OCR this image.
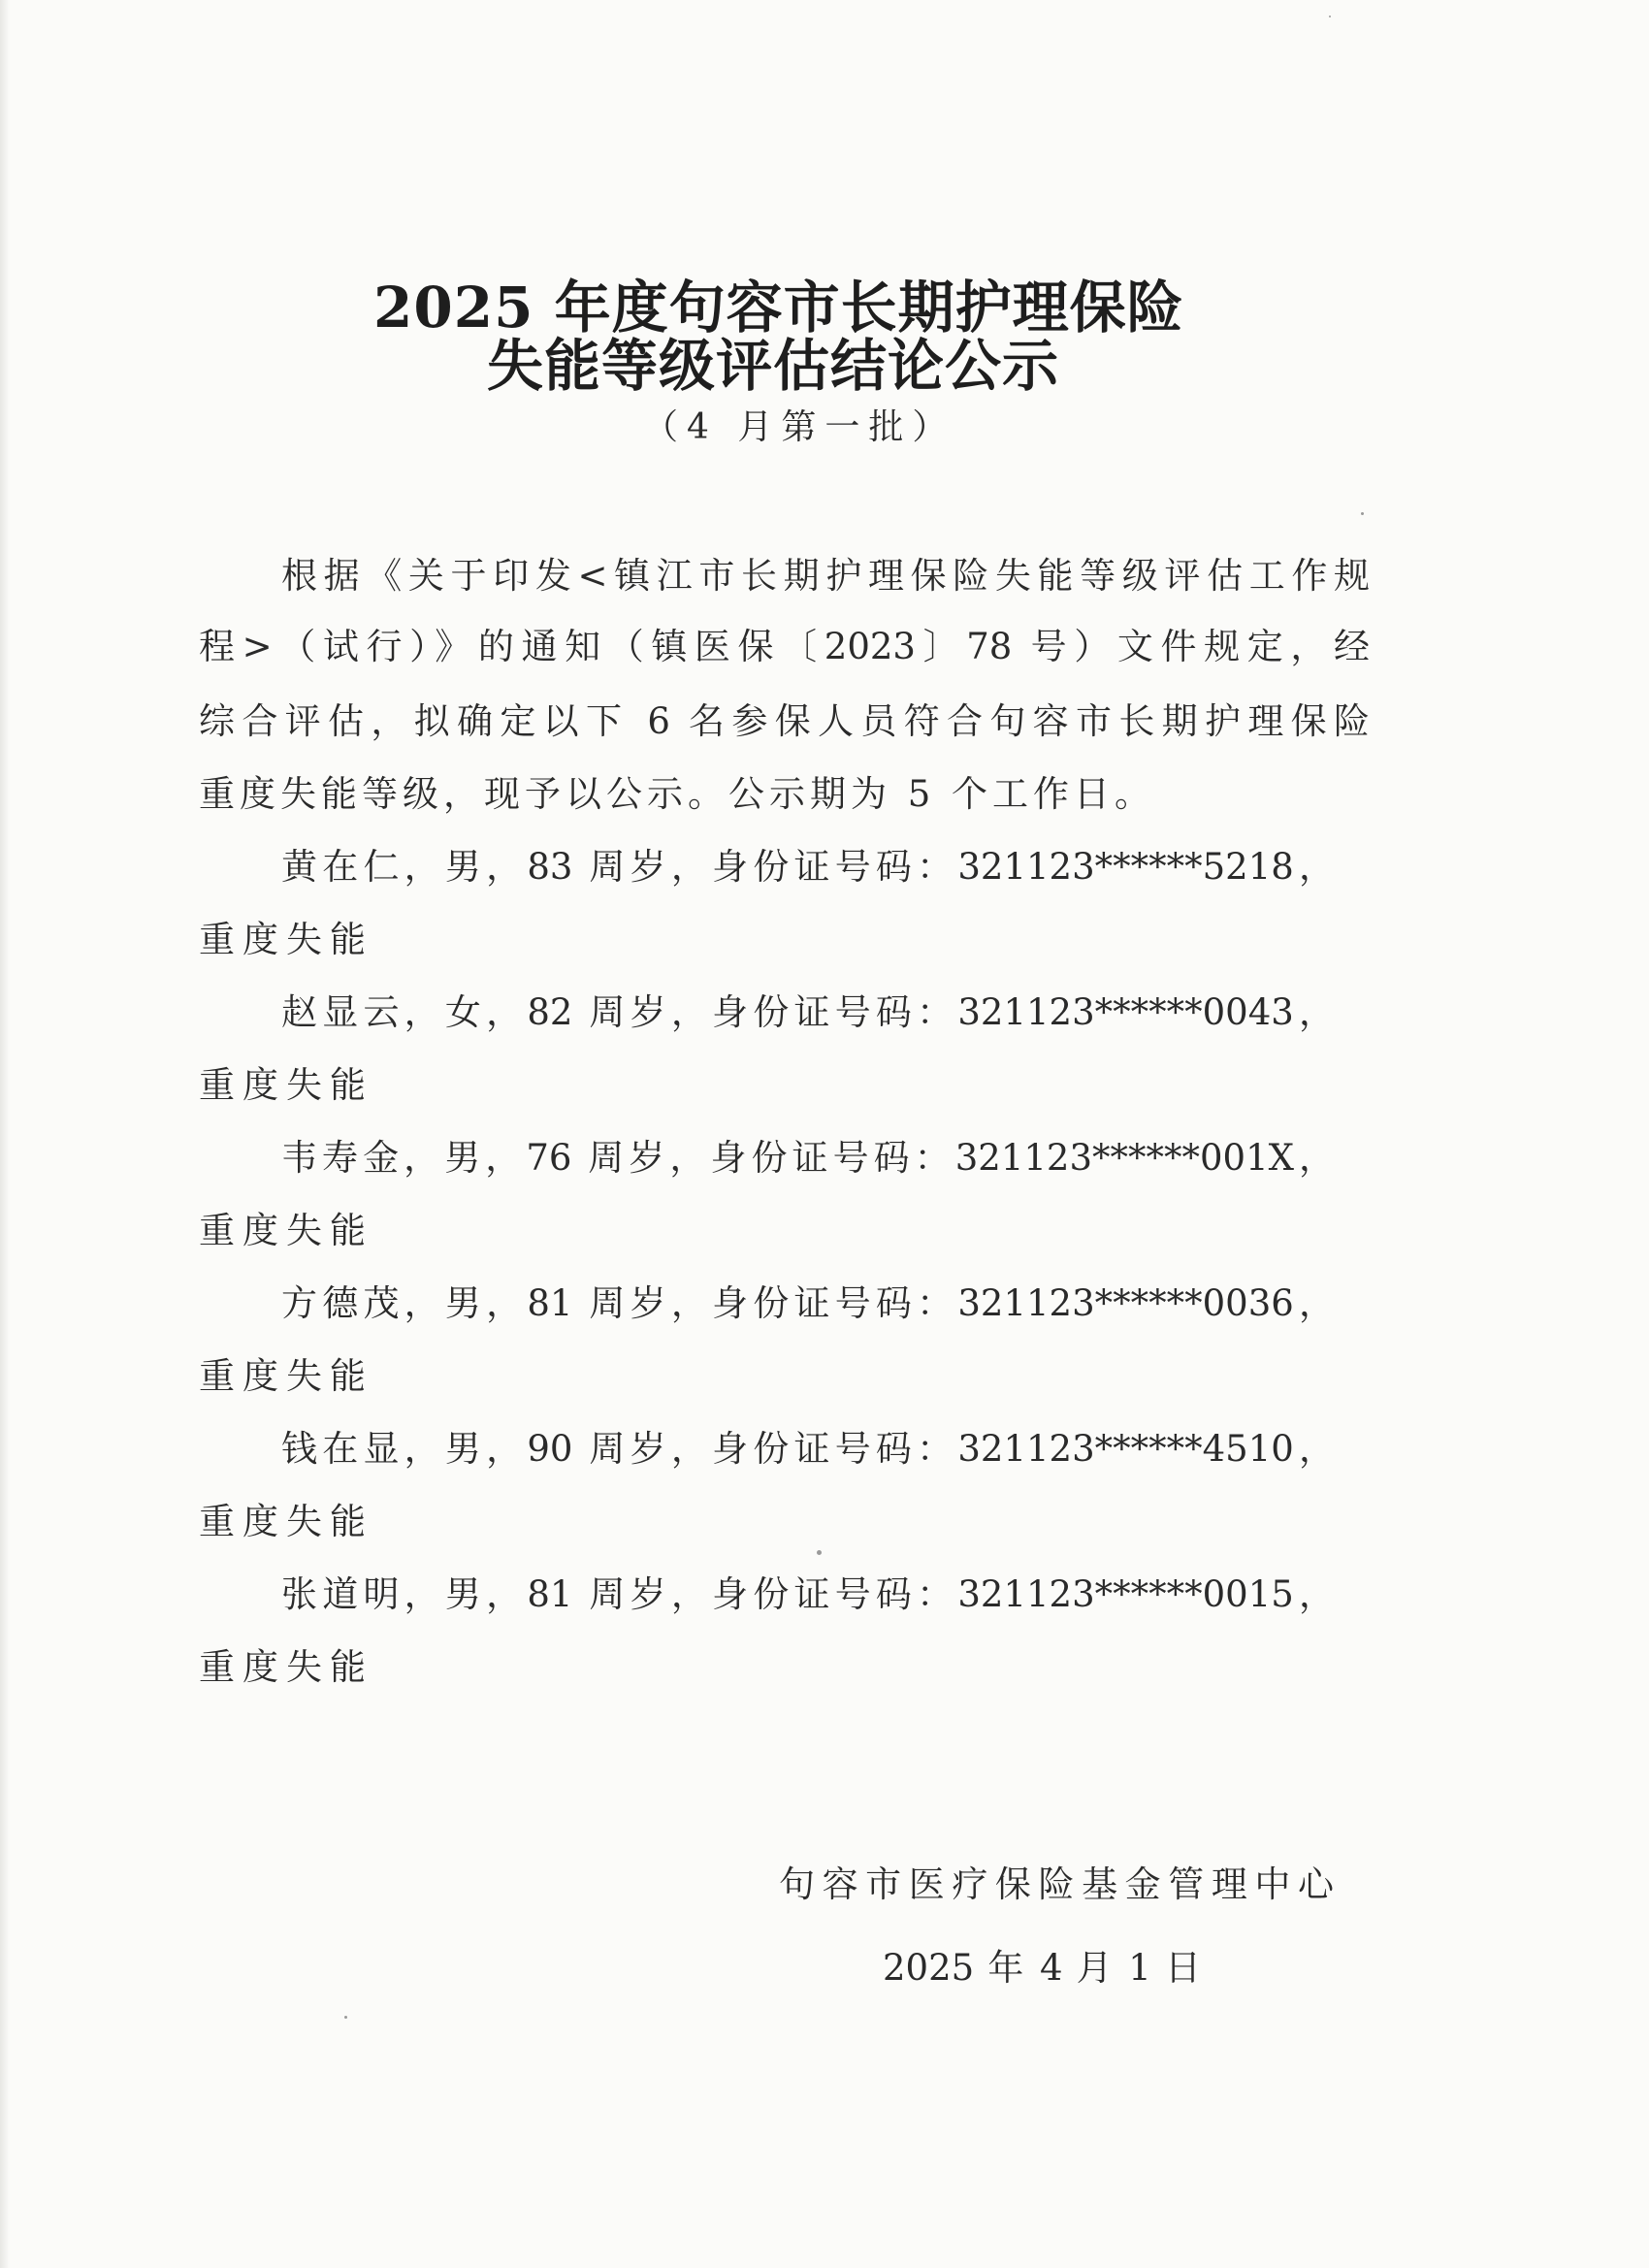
2025 年度句容市长期护理保险
失能等级评估结论公示
（4 月第一批）
根据《关于印发<镇江市长期护理保险失能等级评估工作规
程>（试行）》的通知（镇医保〔2023〕78 号）文件规定，经
综合评估，拟确定以下 6 名参保人员符合句容市长期护理保险
重度失能等级，现予以公示。公示期为 5 个工作日。
黄在仁，男，83 周岁，身份证号码：321123******5218，
重度失能
赵显云，女，82 周岁，身份证号码：321123******0043，
重度失能
韦寿金，男，76 周岁，身份证号码：321123******001X，
重度失能
方德茂，男，81 周岁，身份证号码：321123******0036，
重度失能
钱在显，男，90 周岁，身份证号码：321123******4510，
重度失能
张道明，男，81 周岁，身份证号码：321123******0015，
重度失能
句容市医疗保险基金管理中心
2025 年 4 月 1 日
